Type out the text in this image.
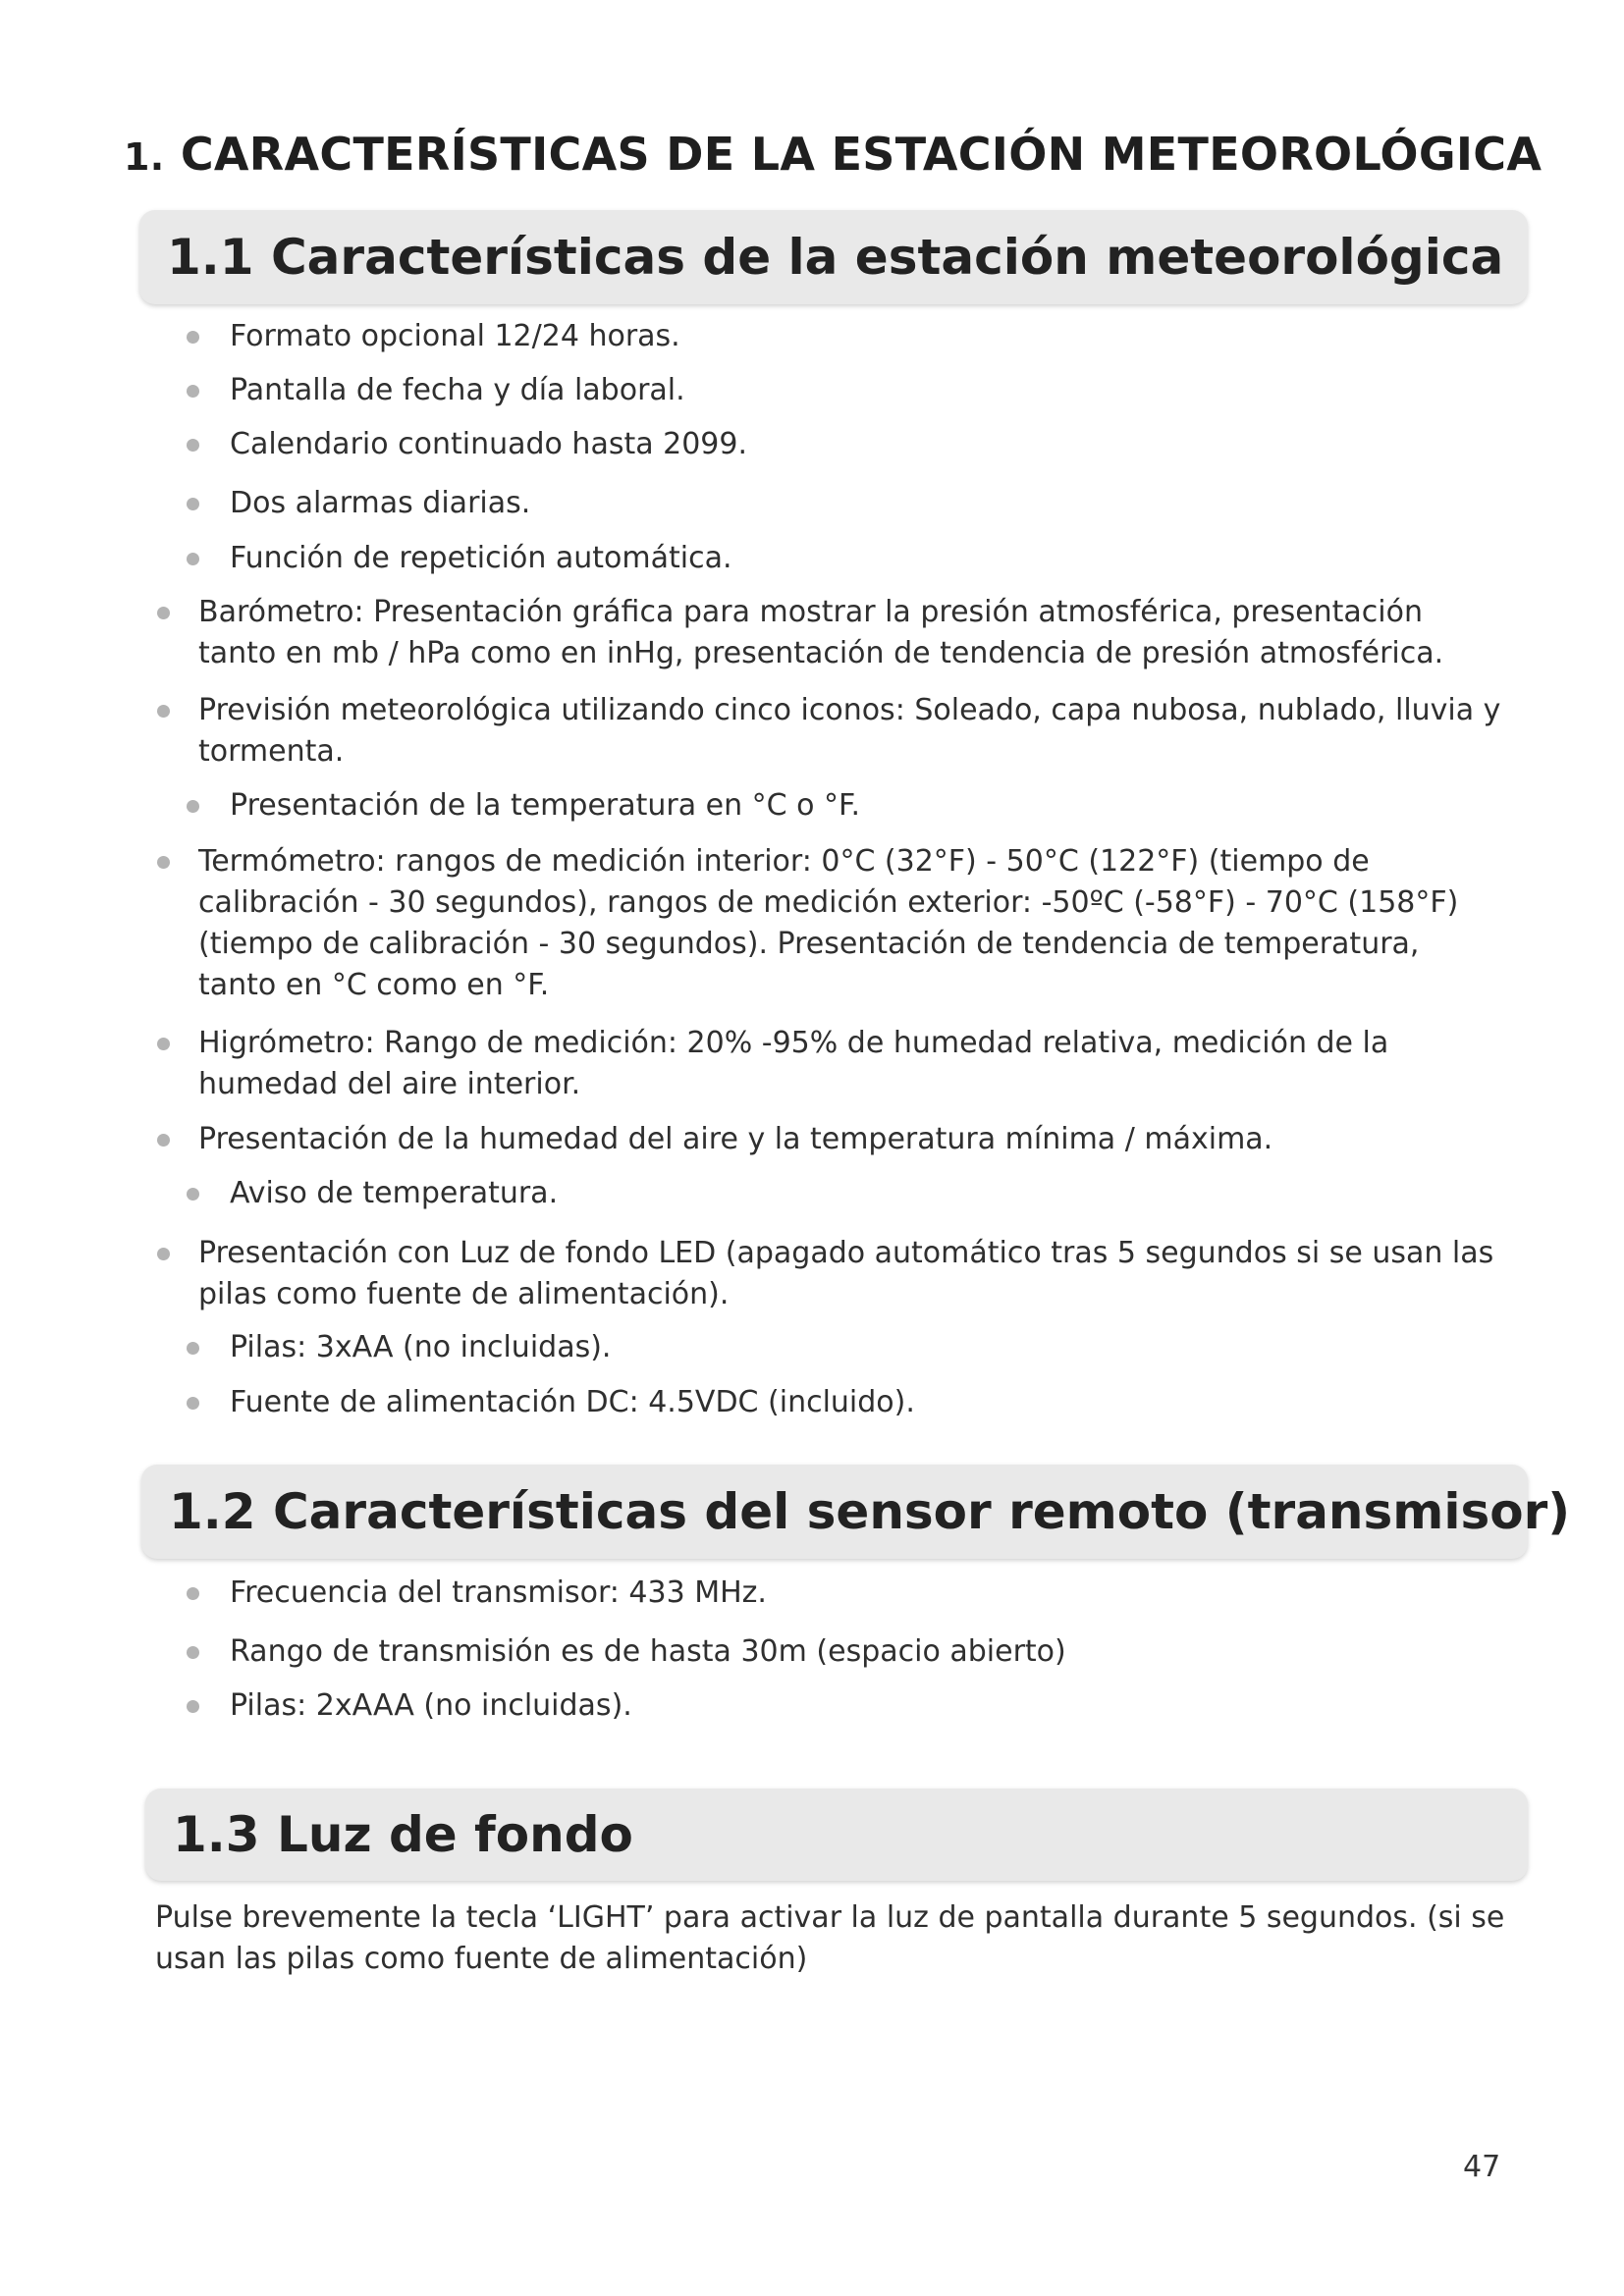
1. CARACTERÍSTICAS DE LA ESTACIÓN METEOROLÓGICA
1.1 Características de la estación meteorológica
Formato opcional 12/24 horas.
Pantalla de fecha y día laboral.
Calendario continuado hasta 2099.
Dos alarmas diarias.
Función de repetición automática.
Barómetro: Presentación gráfica para mostrar la presión atmosférica, presentación tanto en mb / hPa como en inHg, presentación de tendencia de presión atmosférica.
Previsión meteorológica utilizando cinco iconos: Soleado, capa nubosa, nublado, lluvia y tormenta.
Presentación de la temperatura en °C o °F.
Termómetro: rangos de medición interior: 0°C (32°F) - 50°C (122°F) (tiempo de calibración - 30 segundos), rangos de medición exterior: -50ºC (-58°F) - 70°C (158°F) (tiempo de calibración - 30 segundos). Presentación de tendencia de temperatura, tanto en °C como en °F.
Higrómetro: Rango de medición: 20% -95% de humedad relativa, medición de la humedad del aire interior.
Presentación de la humedad del aire y la temperatura mínima / máxima.
Aviso de temperatura.
Presentación con Luz de fondo LED (apagado automático tras 5 segundos si se usan las pilas como fuente de alimentación).
Pilas: 3xAA (no incluidas).
Fuente de alimentación DC: 4.5VDC (incluido).
1.2 Características del sensor remoto (transmisor)
Frecuencia del transmisor: 433 MHz.
Rango de transmisión es de hasta 30m (espacio abierto)
Pilas: 2xAAA (no incluidas).
1.3 Luz de fondo
Pulse brevemente la tecla ‘LIGHT’ para activar la luz de pantalla durante 5 segundos. (si se usan las pilas como fuente de alimentación)
47
